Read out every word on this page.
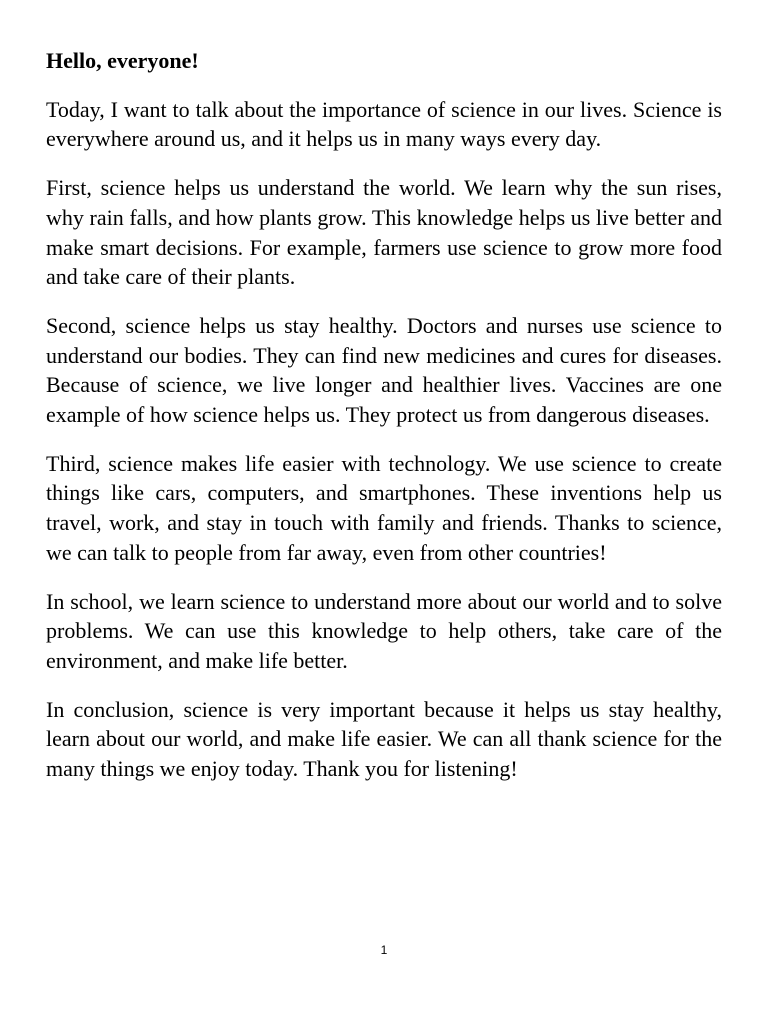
Hello, everyone!

Today, I want to talk about the importance of science in our lives. Science is everywhere around us, and it helps us in many ways every day.

First, science helps us understand the world. We learn why the sun rises, why rain falls, and how plants grow. This knowledge helps us live better and make smart decisions. For example, farmers use science to grow more food and take care of their plants.

Second, science helps us stay healthy. Doctors and nurses use science to understand our bodies. They can find new medicines and cures for diseases. Because of science, we live longer and healthier lives. Vaccines are one example of how science helps us. They protect us from dangerous diseases.

Third, science makes life easier with technology. We use science to create things like cars, computers, and smartphones. These inventions help us travel, work, and stay in touch with family and friends. Thanks to science, we can talk to people from far away, even from other countries!

In school, we learn science to understand more about our world and to solve problems. We can use this knowledge to help others, take care of the environment, and make life better.

In conclusion, science is very important because it helps us stay healthy, learn about our world, and make life easier. We can all thank science for the many things we enjoy today. Thank you for listening!

1
